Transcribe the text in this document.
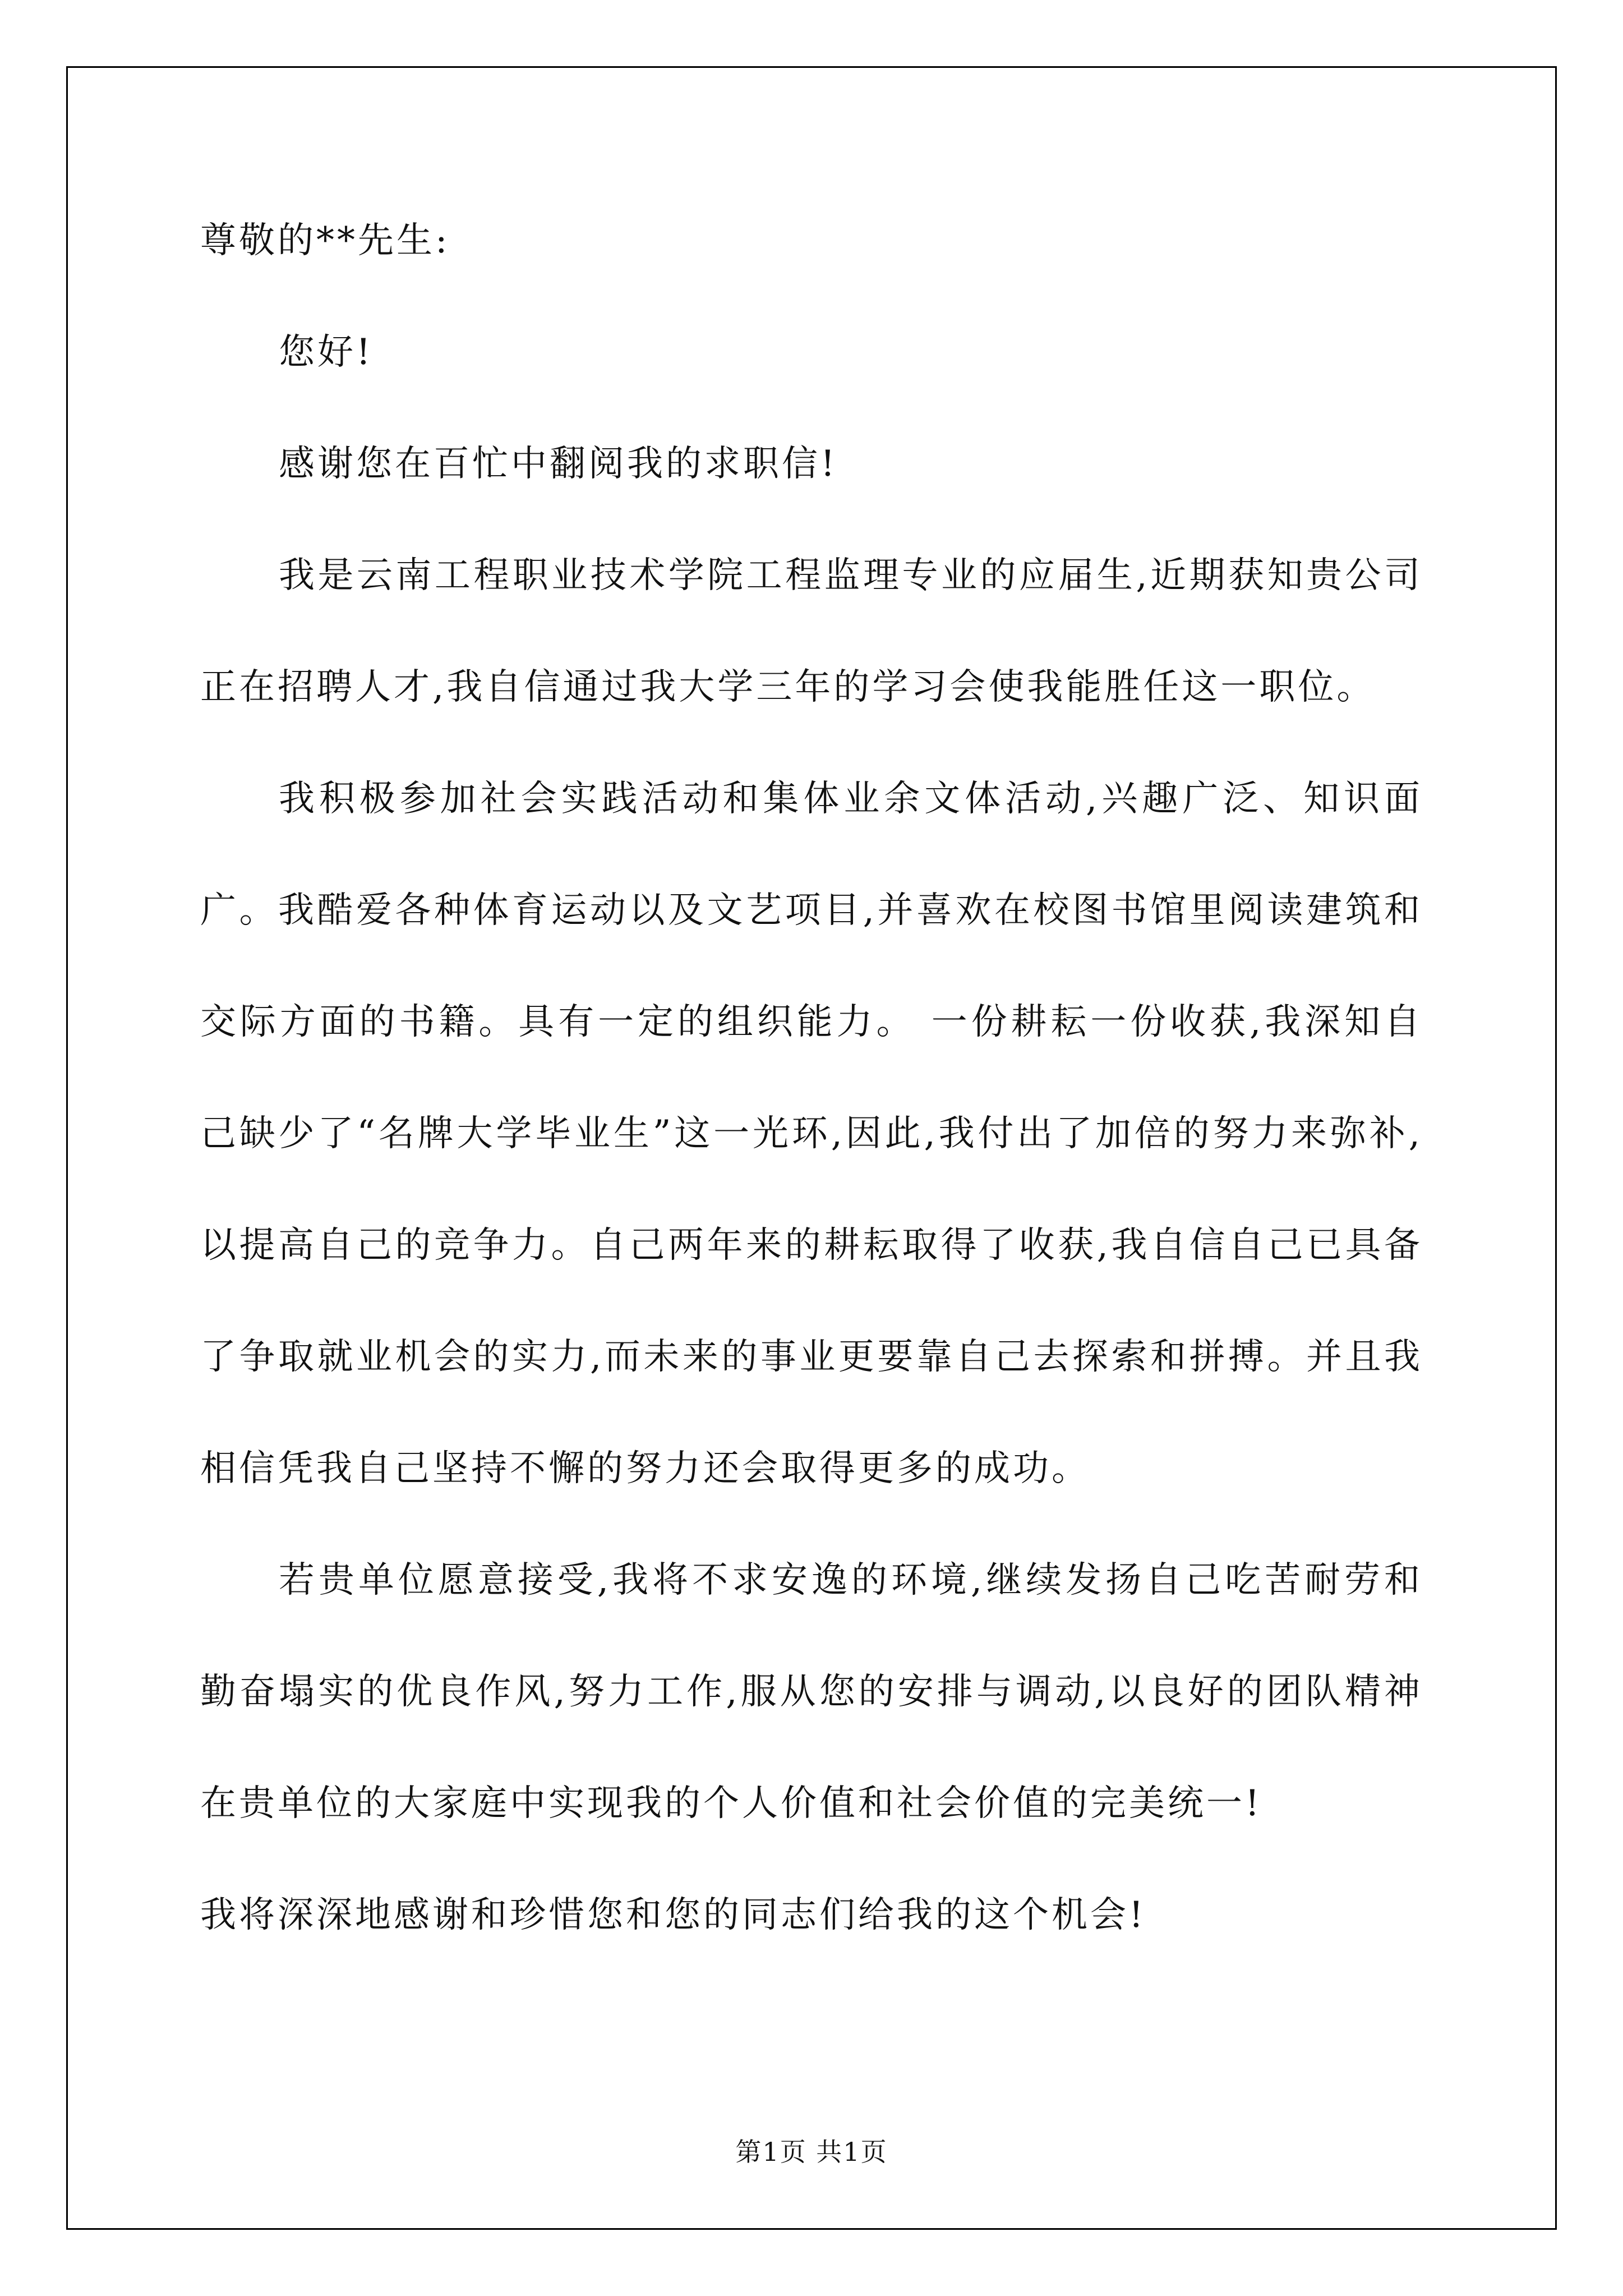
尊敬的**先生:

您好!

感谢您在百忙中翻阅我的求职信!

我是云南工程职业技术学院工程监理专业的应届生,近期获知贵公司正在招聘人才,我自信通过我大学三年的学习会使我能胜任这一职位。

我积极参加社会实践活动和集体业余文体活动,兴趣广泛、知识面广。我酷爱各种体育运动以及文艺项目,并喜欢在校图书馆里阅读建筑和交际方面的书籍。具有一定的组织能力。 一份耕耘一份收获,我深知自己缺少了“名牌大学毕业生”这一光环,因此,我付出了加倍的努力来弥补,以提高自己的竞争力。自己两年来的耕耘取得了收获,我自信自己已具备了争取就业机会的实力,而未来的事业更要靠自己去探索和拼搏。并且我相信凭我自己坚持不懈的努力还会取得更多的成功。

若贵单位愿意接受,我将不求安逸的环境,继续发扬自己吃苦耐劳和勤奋塌实的优良作风,努力工作,服从您的安排与调动,以良好的团队精神在贵单位的大家庭中实现我的个人价值和社会价值的完美统一!

我将深深地感谢和珍惜您和您的同志们给我的这个机会!

第1页 共1页
